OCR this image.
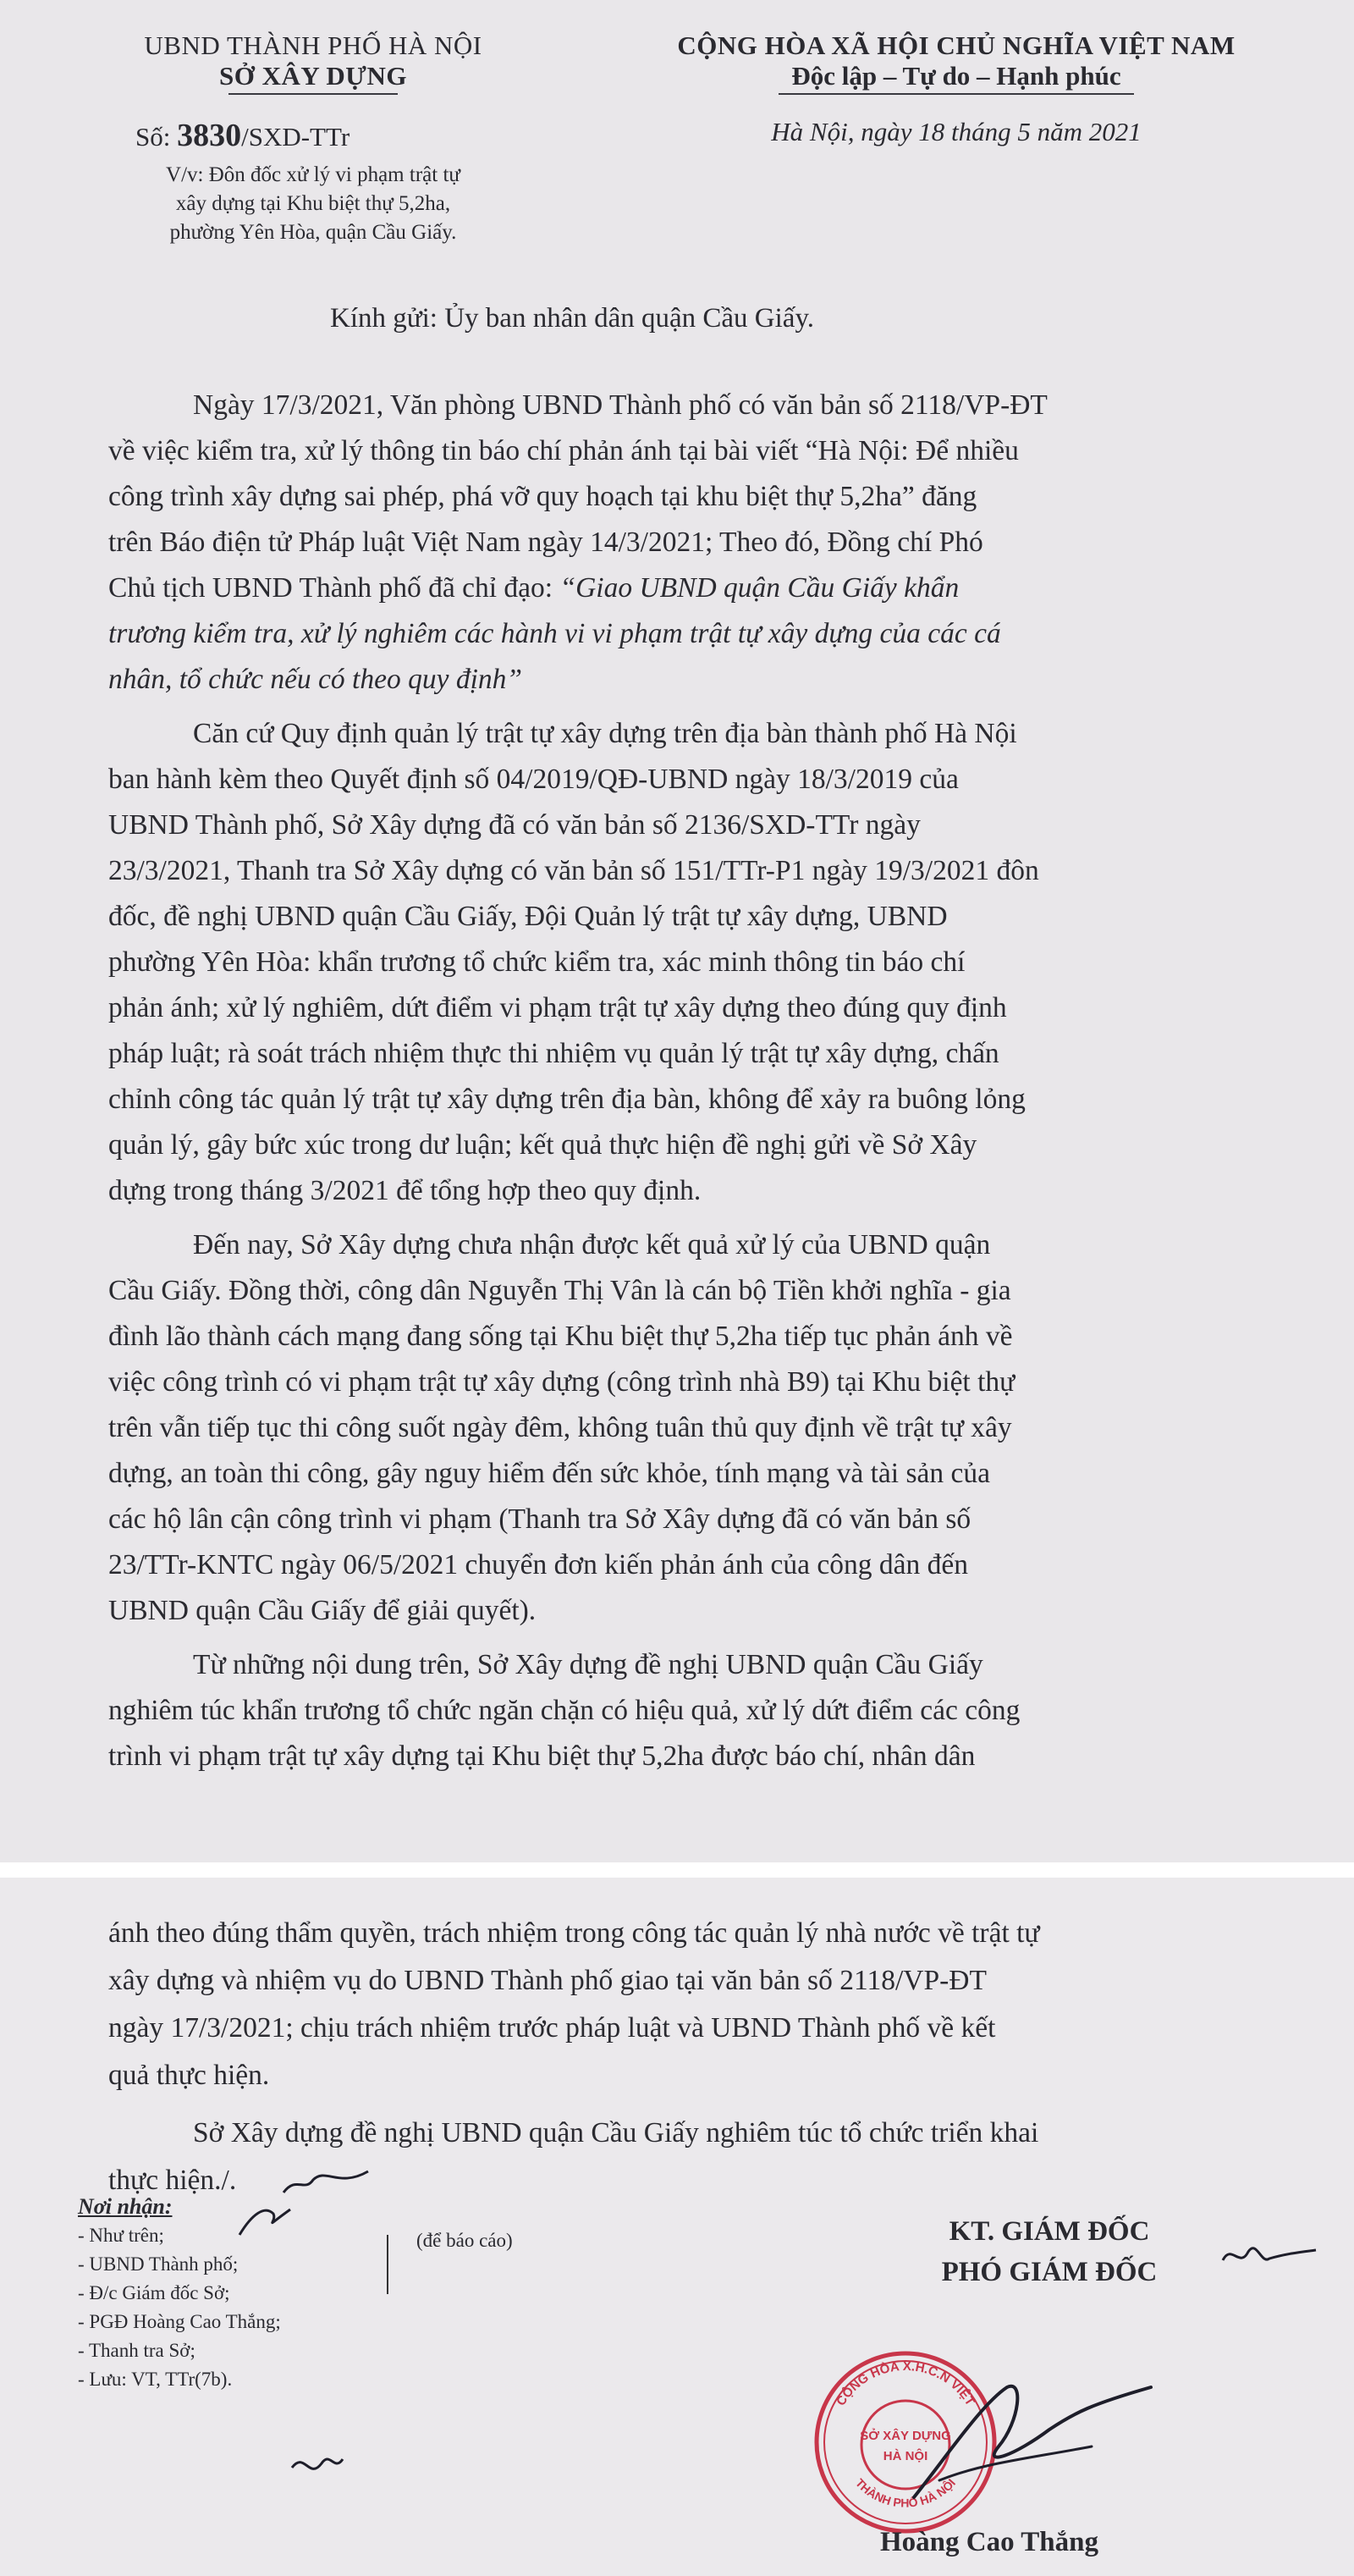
UBND THÀNH PHỐ HÀ NỘI
SỞ XÂY DỰNG
Số: 3830/SXD-TTr
V/v: Đôn đốc xử lý vi phạm trật tự
xây dựng tại Khu biệt thự 5,2ha,
phường Yên Hòa, quận Cầu Giấy.
CỘNG HÒA XÃ HỘI CHỦ NGHĨA VIỆT NAM
Độc lập – Tự do – Hạnh phúc
Hà Nội, ngày 18 tháng 5 năm 2021
Kính gửi: Ủy ban nhân dân quận Cầu Giấy.
Ngày 17/3/2021, Văn phòng UBND Thành phố có văn bản số 2118/VP-ĐT
về việc kiểm tra, xử lý thông tin báo chí phản ánh tại bài viết “Hà Nội: Để nhiều
công trình xây dựng sai phép, phá vỡ quy hoạch tại khu biệt thự 5,2ha” đăng
trên Báo điện tử Pháp luật Việt Nam ngày 14/3/2021; Theo đó, Đồng chí Phó
Chủ tịch UBND Thành phố đã chỉ đạo: “Giao UBND quận Cầu Giấy khẩn
trương kiểm tra, xử lý nghiêm các hành vi vi phạm trật tự xây dựng của các cá
nhân, tổ chức nếu có theo quy định”
Căn cứ Quy định quản lý trật tự xây dựng trên địa bàn thành phố Hà Nội
ban hành kèm theo Quyết định số 04/2019/QĐ-UBND ngày 18/3/2019 của
UBND Thành phố, Sở Xây dựng đã có văn bản số 2136/SXD-TTr ngày
23/3/2021, Thanh tra Sở Xây dựng có văn bản số 151/TTr-P1 ngày 19/3/2021 đôn
đốc, đề nghị UBND quận Cầu Giấy, Đội Quản lý trật tự xây dựng, UBND
phường Yên Hòa: khẩn trương tổ chức kiểm tra, xác minh thông tin báo chí
phản ánh; xử lý nghiêm, dứt điểm vi phạm trật tự xây dựng theo đúng quy định
pháp luật; rà soát trách nhiệm thực thi nhiệm vụ quản lý trật tự xây dựng, chấn
chỉnh công tác quản lý trật tự xây dựng trên địa bàn, không để xảy ra buông lỏng
quản lý, gây bức xúc trong dư luận; kết quả thực hiện đề nghị gửi về Sở Xây
dựng trong tháng 3/2021 để tổng hợp theo quy định.
Đến nay, Sở Xây dựng chưa nhận được kết quả xử lý của UBND quận
Cầu Giấy. Đồng thời, công dân Nguyễn Thị Vân là cán bộ Tiền khởi nghĩa - gia
đình lão thành cách mạng đang sống tại Khu biệt thự 5,2ha tiếp tục phản ánh về
việc công trình có vi phạm trật tự xây dựng (công trình nhà B9) tại Khu biệt thự
trên vẫn tiếp tục thi công suốt ngày đêm, không tuân thủ quy định về trật tự xây
dựng, an toàn thi công, gây nguy hiểm đến sức khỏe, tính mạng và tài sản của
các hộ lân cận công trình vi phạm (Thanh tra Sở Xây dựng đã có văn bản số
23/TTr-KNTC ngày 06/5/2021 chuyển đơn kiến phản ánh của công dân đến
UBND quận Cầu Giấy để giải quyết).
Từ những nội dung trên, Sở Xây dựng đề nghị UBND quận Cầu Giấy
nghiêm túc khẩn trương tổ chức ngăn chặn có hiệu quả, xử lý dứt điểm các công
trình vi phạm trật tự xây dựng tại Khu biệt thự 5,2ha được báo chí, nhân dân
ánh theo đúng thẩm quyền, trách nhiệm trong công tác quản lý nhà nước về trật tự
xây dựng và nhiệm vụ do UBND Thành phố giao tại văn bản số 2118/VP-ĐT
ngày 17/3/2021; chịu trách nhiệm trước pháp luật và UBND Thành phố về kết
quả thực hiện.
Sở Xây dựng đề nghị UBND quận Cầu Giấy nghiêm túc tổ chức triển khai
thực hiện./.
Nơi nhận:
- Như trên;
- UBND Thành phố;
- Đ/c Giám đốc Sở;
- PGĐ Hoàng Cao Thắng;
- Thanh tra Sở;
- Lưu: VT, TTr(7b).
(để báo cáo)	KT. GIÁM ĐỐC
PHÓ GIÁM ĐỐC
CỘNG HÒA X.H.C.N VIỆT
THÀNH PHỐ HÀ NỘI
SỞ XÂY DỰNG
HÀ NỘI
Hoàng Cao Thắng
